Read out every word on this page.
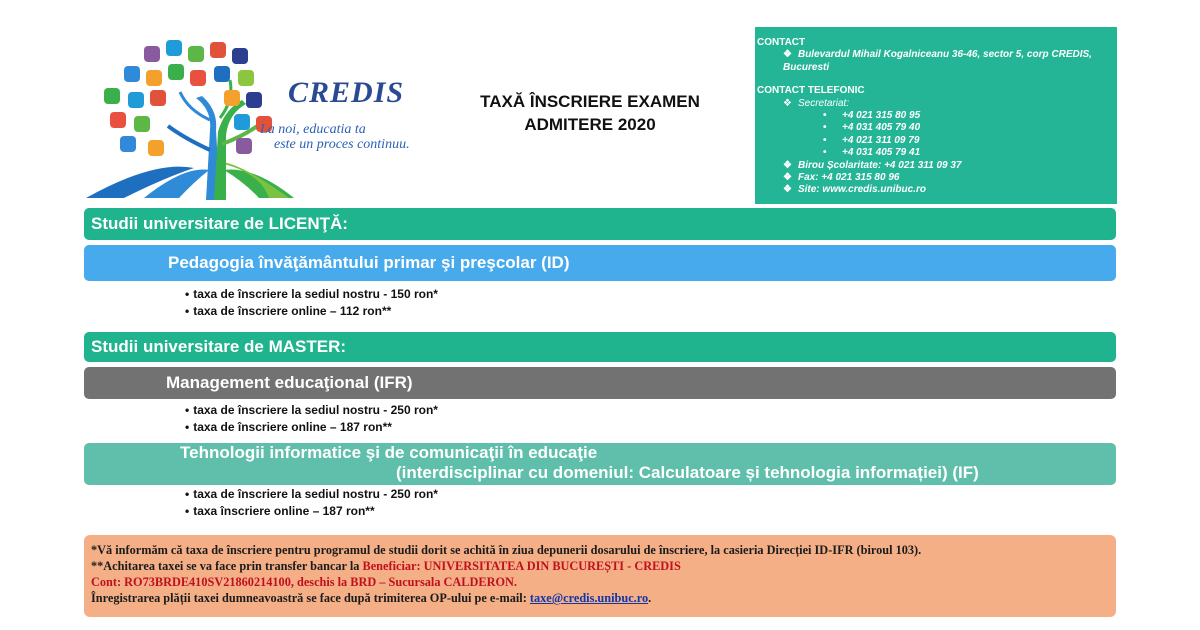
CREDIS
La noi, educatia ta
este un proces continuu.
TAXĂ ÎNSCRIERE EXAMEN
ADMITERE 2020
CONTACT
❖ Bulevardul Mihail Kogalniceanu 36-46, sector 5, corp CREDIS, Bucuresti
CONTACT TELEFONIC
❖ Secretariat:
• +4 021 315 80 95
• +4 031 405 79 40
• +4 021 311 09 79
• +4 031 405 79 41
❖ Birou Școlaritate: +4 021 311 09 37
❖ Fax: +4 021 315 80 96
❖ Site: www.credis.unibuc.ro
Studii universitare de LICENŢĂ:
Pedagogia învăţământului primar şi preşcolar (ID)
• taxa de înscriere la sediul nostru - 150 ron*
• taxa de înscriere online – 112 ron**
Studii universitare de MASTER:
Management educaţional (IFR)
• taxa de înscriere la sediul nostru - 250 ron*
• taxa de înscriere online – 187 ron**
Tehnologii informatice şi de comunicaţii în educaţie
(interdisciplinar cu domeniul: Calculatoare și tehnologia informației) (IF)
• taxa de înscriere la sediul nostru - 250 ron*
• taxa înscriere online – 187 ron**
*Vă informăm că taxa de înscriere pentru programul de studii dorit se achită în ziua depunerii dosarului de înscriere, la casieria Direcției ID-IFR (biroul 103).
**Achitarea taxei se va face prin transfer bancar la Beneficiar: UNIVERSITATEA DIN BUCUREȘTI - CREDIS
Cont: RO73BRDE410SV21860214100, deschis la BRD – Sucursala CALDERON.
Înregistrarea plății taxei dumneavoastră se face după trimiterea OP-ului pe e-mail: taxe@credis.unibuc.ro.
